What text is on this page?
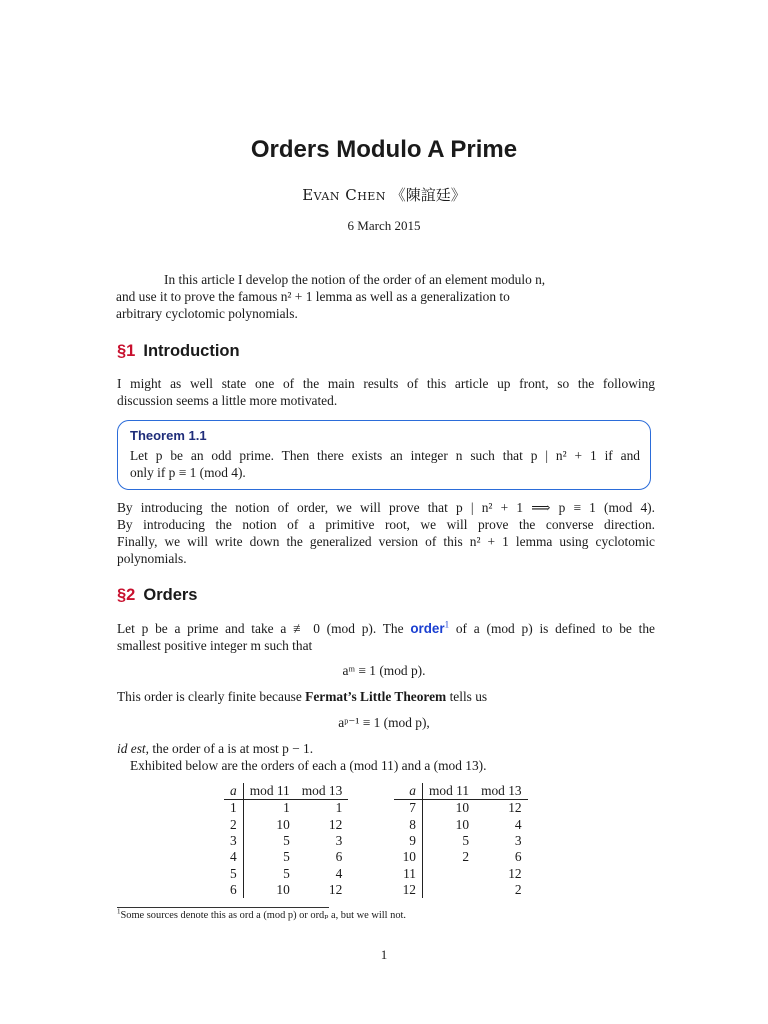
Orders Modulo A Prime
Evan Chen 《陳誼廷》
6 March 2015
In this article I develop the notion of the order of an element modulo n,
and use it to prove the famous n² + 1 lemma as well as a generalization to
arbitrary cyclotomic polynomials.
§1 Introduction
I might as well state one of the main results of this article up front, so the following
discussion seems a little more motivated.
Theorem 1.1
Let p be an odd prime. Then there exists an integer n such that p | n² + 1 if and
only if p ≡ 1 (mod 4).
By introducing the notion of order, we will prove that p | n² + 1 ⟹ p ≡ 1 (mod 4).
By introducing the notion of a primitive root, we will prove the converse direction.
Finally, we will write down the generalized version of this n² + 1 lemma using cyclotomic
polynomials.
§2 Orders
Let p be a prime and take a ≢ 0 (mod p). The order$^1$ of a (mod p) is defined to be the
smallest positive integer m such that
aᵐ ≡ 1 (mod p).
This order is clearly finite because Fermat’s Little Theorem tells us
aᵖ⁻¹ ≡ 1 (mod p),
id est, the order of a is at most p − 1.
Exhibited below are the orders of each a (mod 11) and a (mod 13).
a	mod 11	mod 13
1	1	1
2	10	12
3	5	3
4	5	6
5	5	4
6	10	12
a	mod 11	mod 13
7	10	12
8	10	4
9	5	3
10	2	6
11		12
12		2
$^1$Some sources denote this as ord a (mod p) or ordₚ a, but we will not.
1
